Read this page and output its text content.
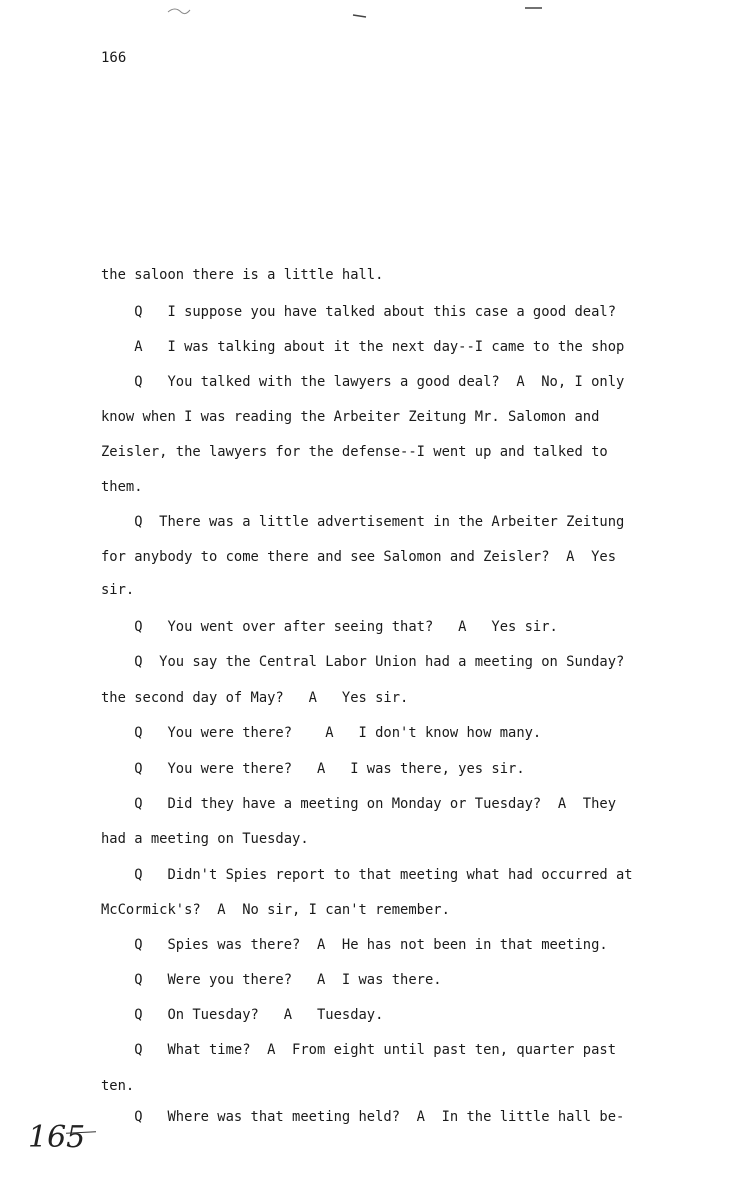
166
the saloon there is a little hall.
Q   I suppose you have talked about this case a good deal?
A   I was talking about it the next day--I came to the shop
Q   You talked with the lawyers a good deal?  A  No, I only
know when I was reading the Arbeiter Zeitung Mr. Salomon and
Zeisler, the lawyers for the defense--I went up and talked to
them.
Q  There was a little advertisement in the Arbeiter Zeitung
for anybody to come there and see Salomon and Zeisler?  A  Yes
sir.
Q   You went over after seeing that?   A   Yes sir.
Q  You say the Central Labor Union had a meeting on Sunday?
the second day of May?   A   Yes sir.
Q   You were there?    A   I don't know how many.
Q   You were there?   A   I was there, yes sir.
Q   Did they have a meeting on Monday or Tuesday?  A  They
had a meeting on Tuesday.
Q   Didn't Spies report to that meeting what had occurred at
McCormick's?  A  No sir, I can't remember.
Q   Spies was there?  A  He has not been in that meeting.
Q   Were you there?   A  I was there.
Q   On Tuesday?   A   Tuesday.
Q   What time?  A  From eight until past ten, quarter past
ten.
Q   Where was that meeting held?  A  In the little hall be-
165
